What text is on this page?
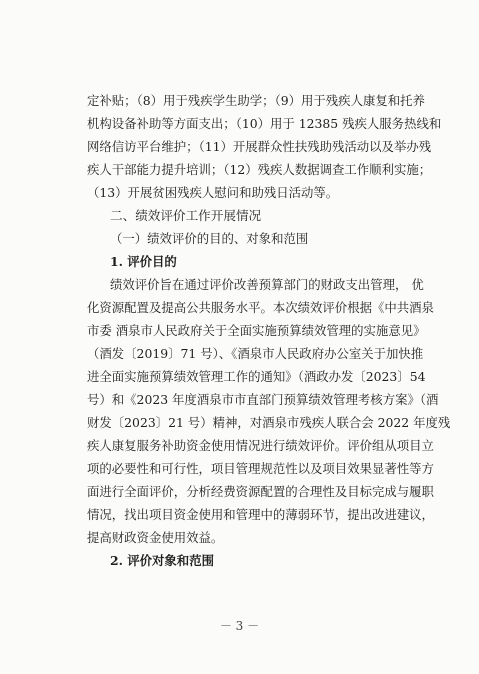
定补贴；（8）用于残疾学生助学；（9）用于残疾人康复和托养
机构设备补助等方面支出；（10）用于 12385 残疾人服务热线和
网络信访平台维护；（11）开展群众性扶残助残活动以及举办残
疾人干部能力提升培训；（12）残疾人数据调查工作顺利实施；
（13）开展贫困残疾人慰问和助残日活动等。
二、绩效评价工作开展情况
（一）绩效评价的目的、对象和范围
1. 评价目的
绩效评价旨在通过评价改善预算部门的财政支出管理， 优
化资源配置及提高公共服务水平。本次绩效评价根据《中共酒泉
市委 酒泉市人民政府关于全面实施预算绩效管理的实施意见》
（酒发〔2019〕71 号）、《酒泉市人民政府办公室关于加快推
进全面实施预算绩效管理工作的通知》（酒政办发〔2023〕54
号）和《2023 年度酒泉市市直部门预算绩效管理考核方案》（酒
财发〔2023〕21 号）精神，对酒泉市残疾人联合会 2022 年度残
疾人康复服务补助资金使用情况进行绩效评价。评价组从项目立
项的必要性和可行性，项目管理规范性以及项目效果显著性等方
面进行全面评价，分析经费资源配置的合理性及目标完成与履职
情况，找出项目资金使用和管理中的薄弱环节，提出改进建议，
提高财政资金使用效益。
2. 评价对象和范围
－ 3 －
